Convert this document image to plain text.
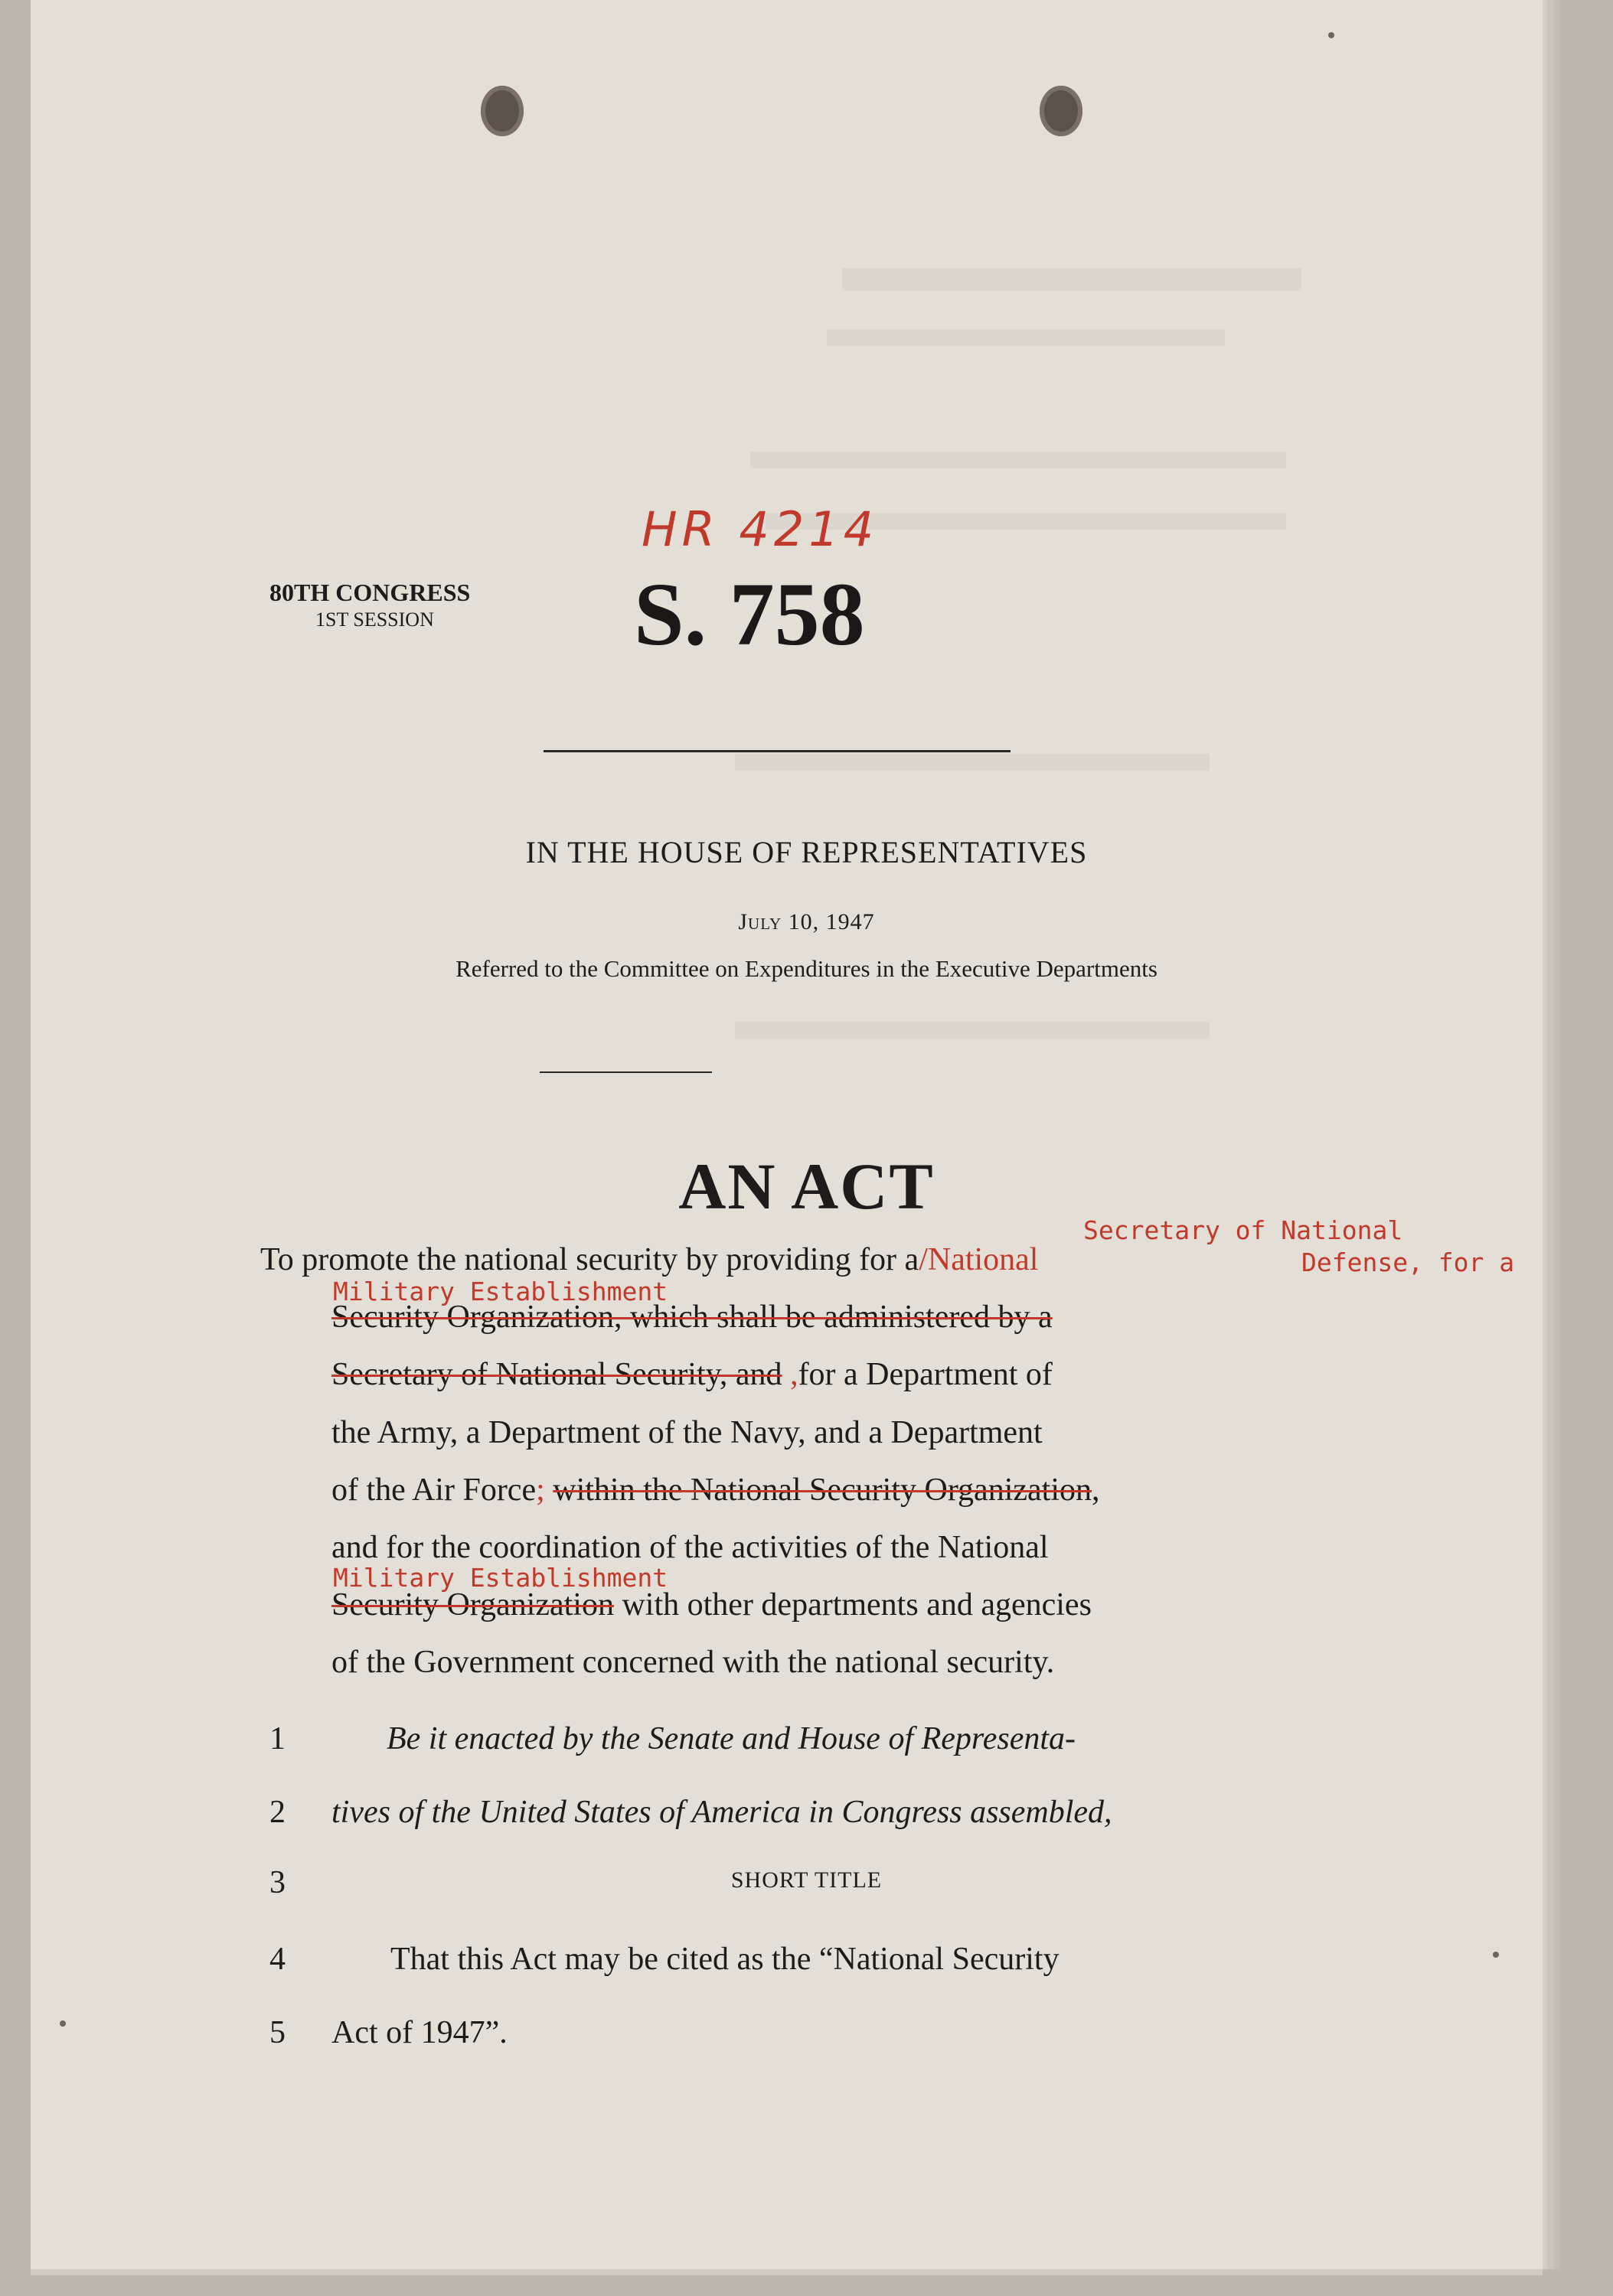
HR 4214
80TH CONGRESS
1ST SESSION S. 758
IN THE HOUSE OF REPRESENTATIVES
July 10, 1947
Referred to the Committee on Expenditures in the Executive Departments
AN ACT
Secretary of National
Defense, for a
Military Establishment
Military Establishment
To promote the national security by providing for a/National
Security Organization, which shall be administered by a
Secretary of National Security, and ,for a Department of
the Army, a Department of the Navy, and a Department
of the Air Force; within the National Security Organization,
and for the coordination of the activities of the National
Security Organization with other departments and agencies
of the Government concerned with the national security.
1	Be it enacted by the Senate and House of Representa-
2 tives of the United States of America in Congress assembled,
3	SHORT TITLE
4	That this Act may be cited as the “National Security
5 Act of 1947”.
